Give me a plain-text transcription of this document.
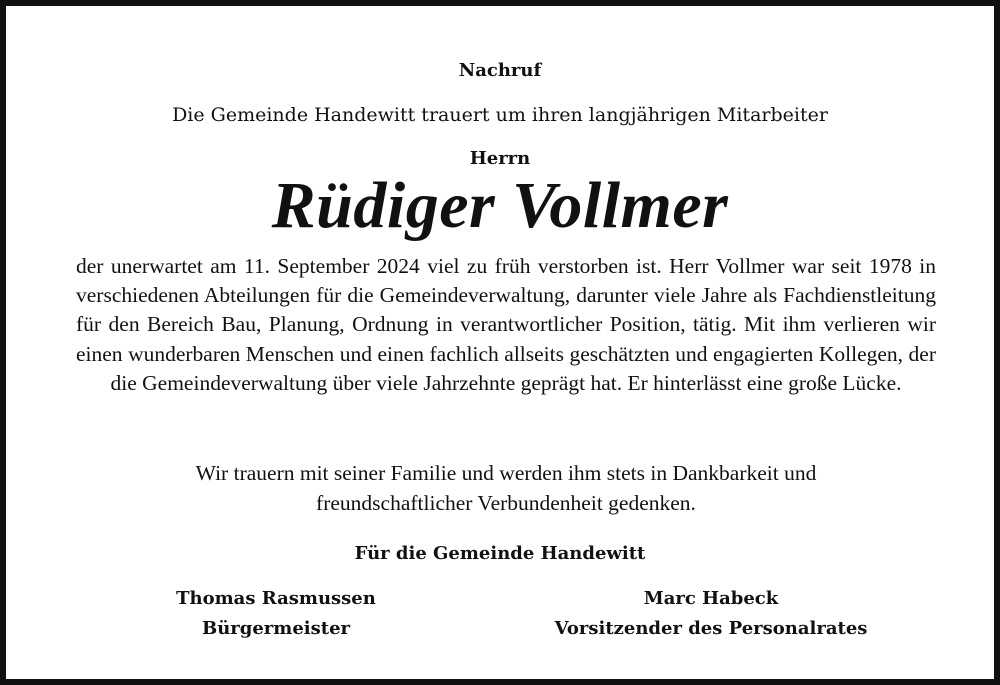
Nachruf
Die Gemeinde Handewitt trauert um ihren langjährigen Mitarbeiter
Herrn
Rüdiger Vollmer

der unerwartet am 11. September 2024 viel zu früh verstorben ist. Herr Vollmer war seit 1978 in verschiedenen Abteilungen für die Gemeindeverwaltung, darunter viele Jahre als Fachdienstleitung für den Bereich Bau, Planung, Ordnung in verantwortlicher Position, tätig. Mit ihm verlieren wir einen wunderbaren Menschen und einen fachlich allseits geschätzten und engagierten Kollegen, der die Gemeindeverwaltung über viele Jahrzehnte geprägt hat. Er hinterlässt eine große Lücke.

Wir trauern mit seiner Familie und werden ihm stets in Dankbarkeit und
freundschaftlicher Verbundenheit gedenken.

Für die Gemeinde Handewitt
Thomas Rasmussen
Bürgermeister
Marc Habeck
Vorsitzender des Personalrates
